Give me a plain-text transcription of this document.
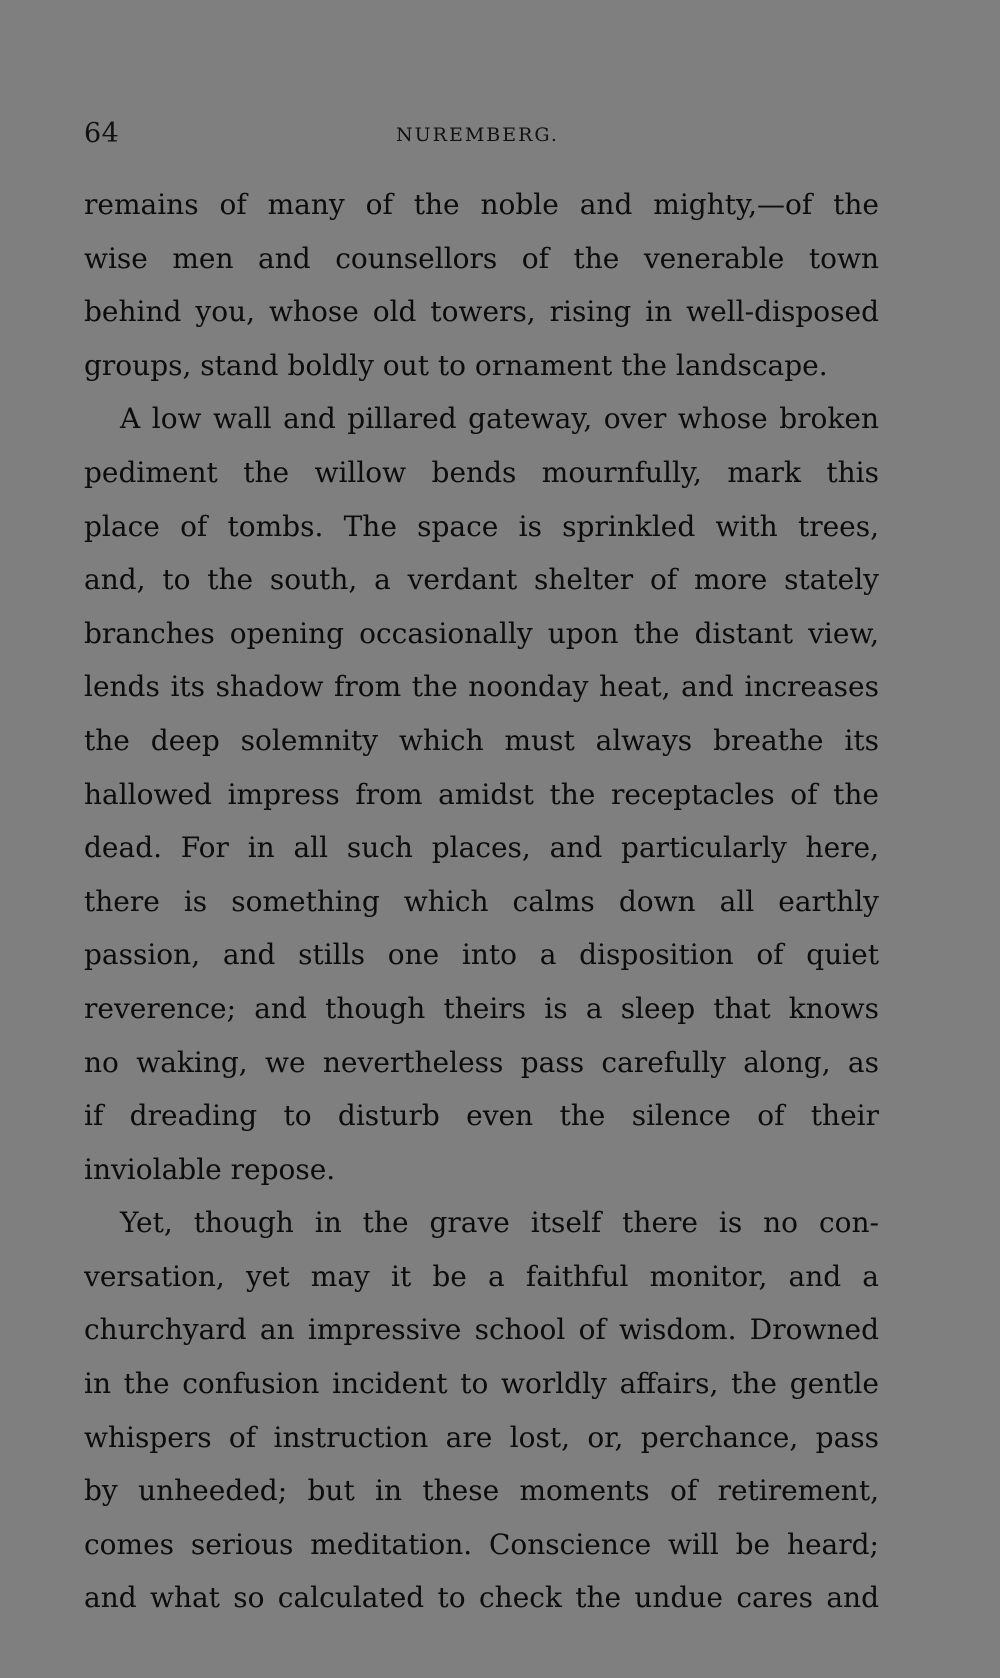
64	NUREMBERG.
remains of many of the noble and mighty,—of the
wise men and counsellors of the venerable town
behind you, whose old towers, rising in well-disposed
groups, stand boldly out to ornament the landscape.
A low wall and pillared gateway, over whose broken
pediment the willow bends mournfully, mark this
place of tombs. The space is sprinkled with trees,
and, to the south, a verdant shelter of more stately
branches opening occasionally upon the distant view,
lends its shadow from the noonday heat, and increases
the deep solemnity which must always breathe its
hallowed impress from amidst the receptacles of the
dead. For in all such places, and particularly here,
there is something which calms down all earthly
passion, and stills one into a disposition of quiet
reverence; and though theirs is a sleep that knows
no waking, we nevertheless pass carefully along, as
if dreading to disturb even the silence of their
inviolable repose.
Yet, though in the grave itself there is no con-
versation, yet may it be a faithful monitor, and a
churchyard an impressive school of wisdom. Drowned
in the confusion incident to worldly affairs, the gentle
whispers of instruction are lost, or, perchance, pass
by unheeded; but in these moments of retirement,
comes serious meditation. Conscience will be heard;
and what so calculated to check the undue cares and
